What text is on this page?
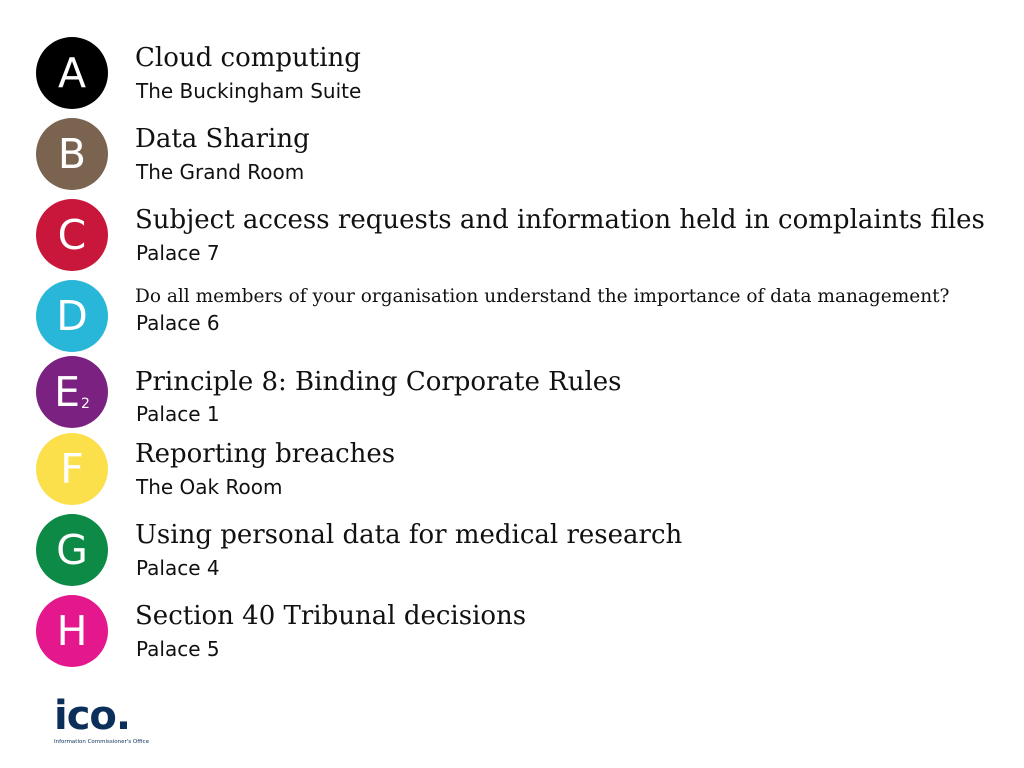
A	Cloud computing
The Buckingham Suite
B	Data Sharing
The Grand Room
C	Subject access requests and information held in complaints files
Palace 7
D	Do all members of your organisation understand the importance of data management?
Palace 6
$E_2$
Principle 8: Binding Corporate Rules
Palace 1
F	Reporting breaches
The Oak Room
G	Using personal data for medical research
Palace 4
H	Section 40 Tribunal decisions
Palace 5
ico.
Information Commissioner's Office
